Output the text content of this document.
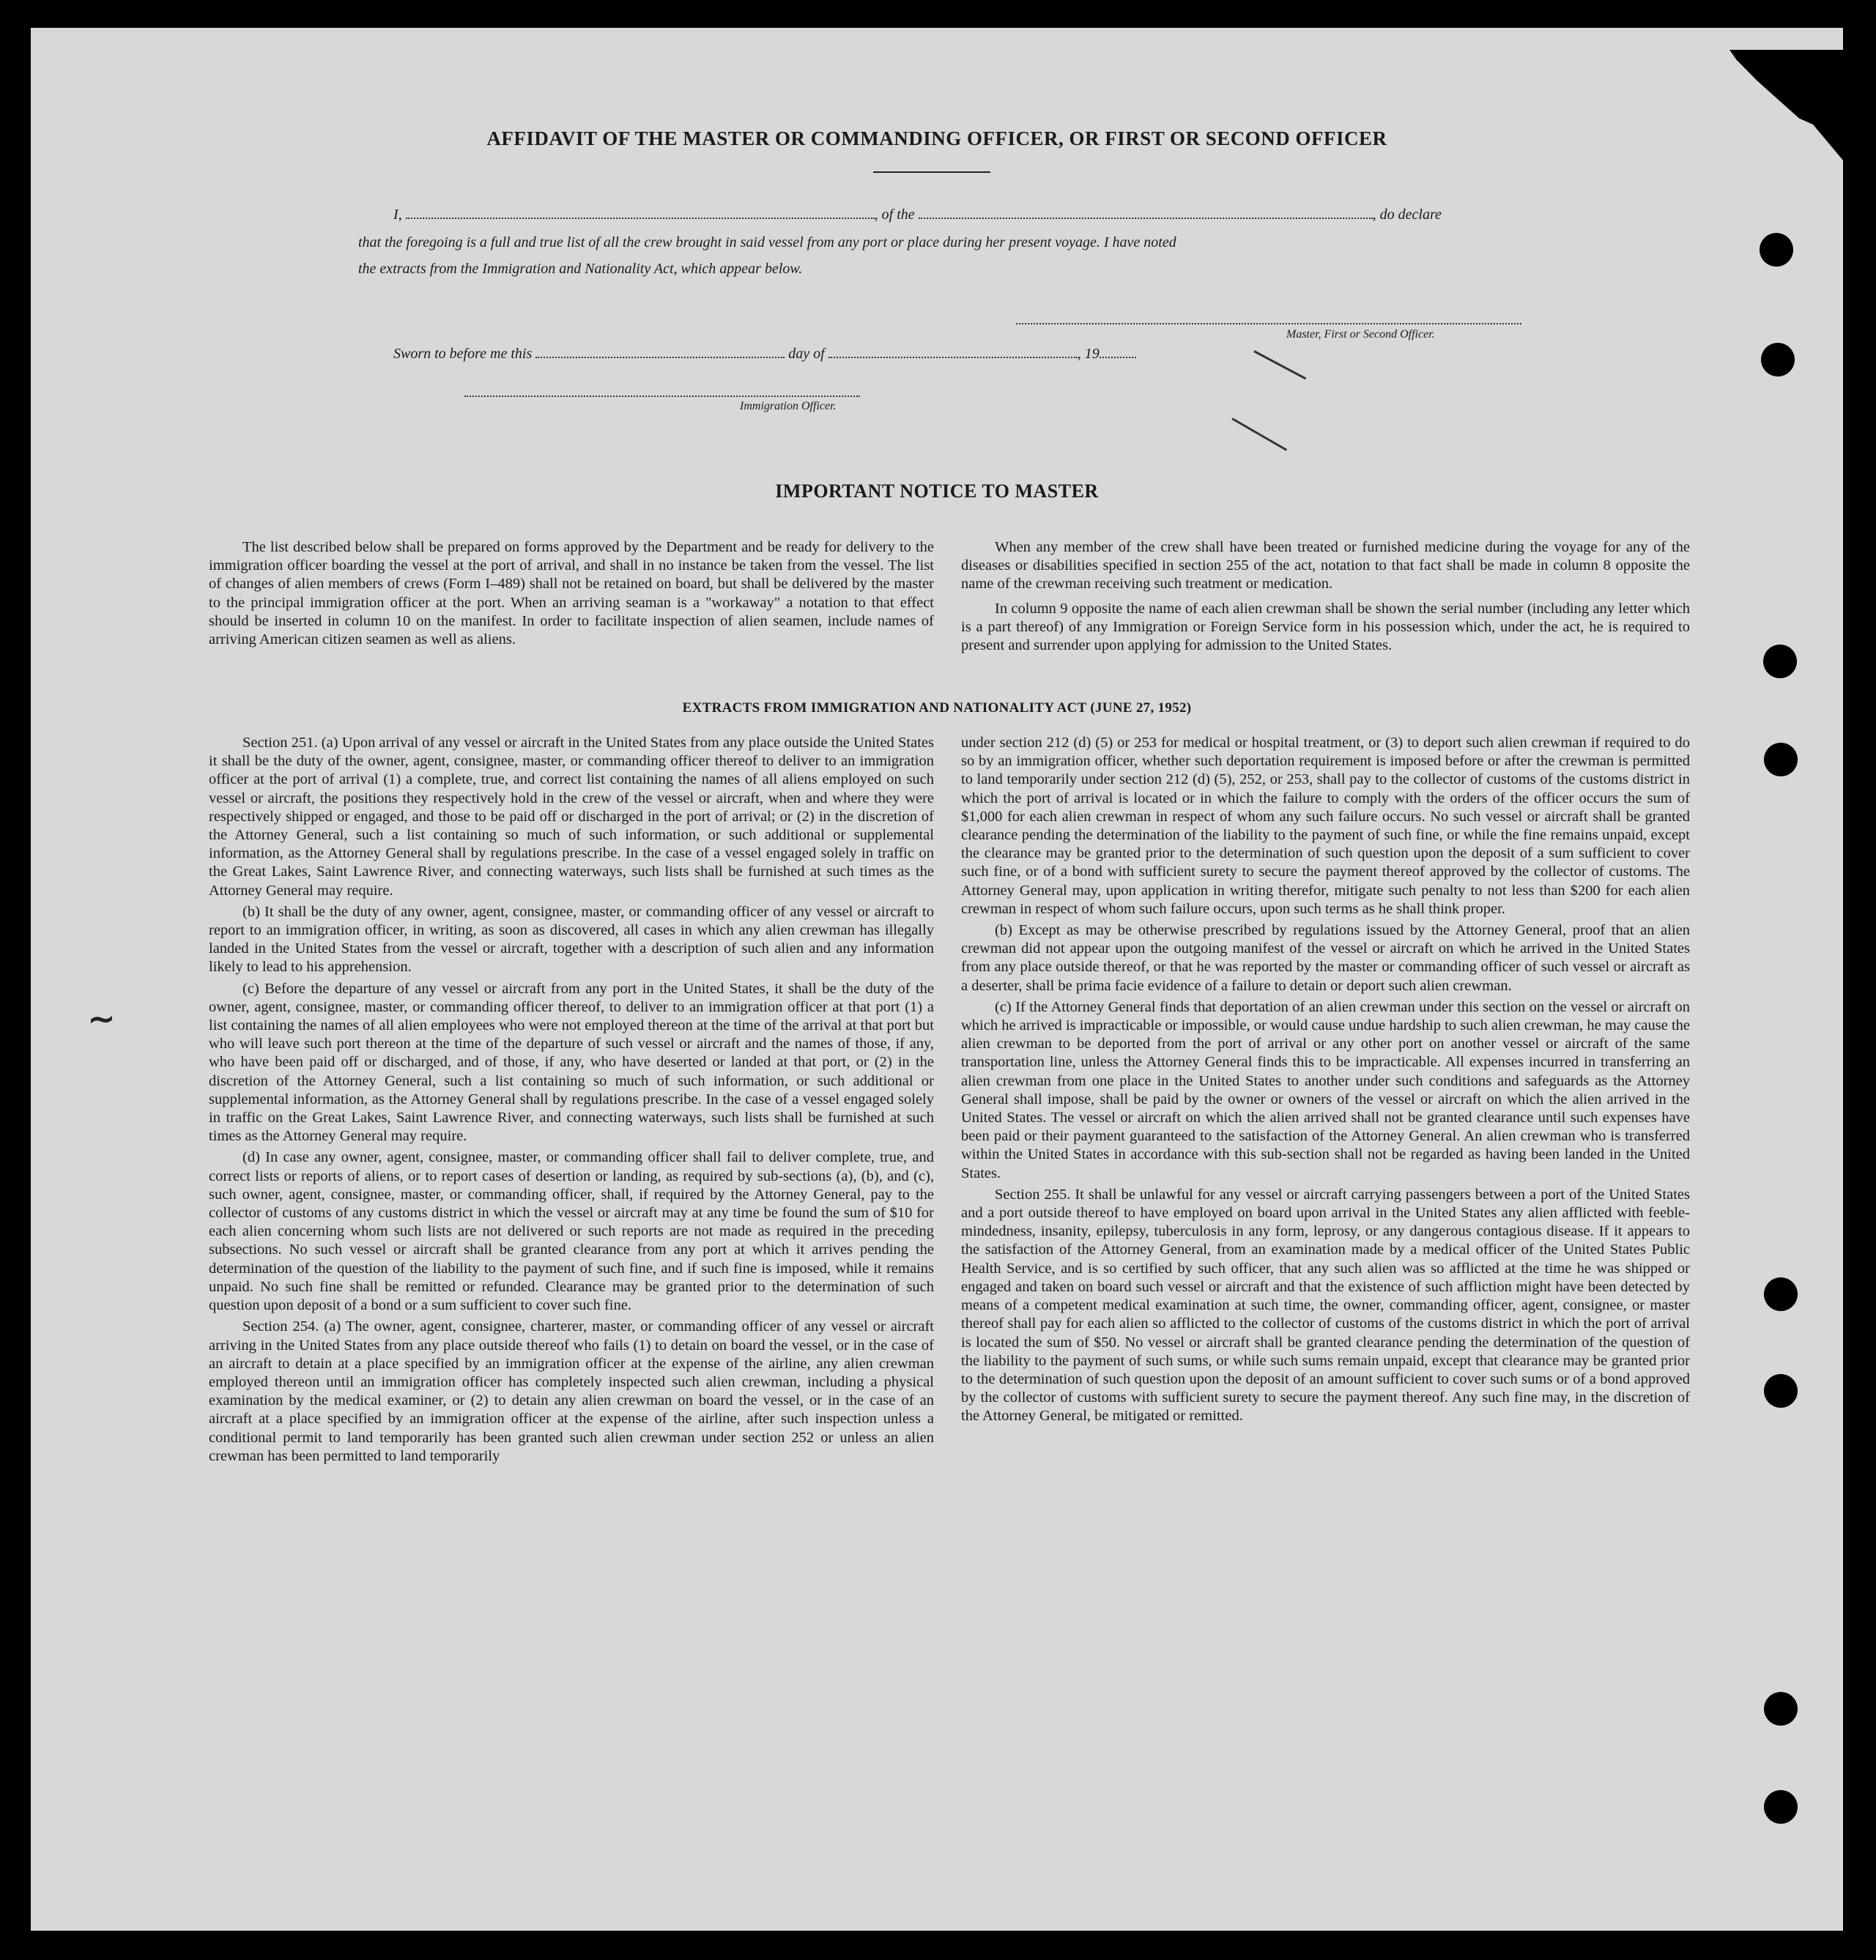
AFFIDAVIT OF THE MASTER OR COMMANDING OFFICER, OR FIRST OR SECOND OFFICER
I,	, of the	, do declare
that the foregoing is a full and true list of all the crew brought in said vessel from any port or place during her present voyage. I have noted
the extracts from the Immigration and Nationality Act, which appear below.
Master, First or Second Officer.
Sworn to before me this	day of	, 19
Immigration Officer.
IMPORTANT NOTICE TO MASTER

The list described below shall be prepared on forms approved by the Department and be ready for delivery to the immigration officer boarding the vessel at the port of arrival, and shall in no instance be taken from the vessel. The list of changes of alien members of crews (Form I–489) shall not be retained on board, but shall be delivered by the master to the principal immigration officer at the port. When an arriving seaman is a "workaway" a notation to that effect should be inserted in column 10 on the manifest. In order to facilitate inspection of alien seamen, include names of arriving American citizen seamen as well as aliens.

When any member of the crew shall have been treated or furnished medicine during the voyage for any of the diseases or disabilities specified in section 255 of the act, notation to that fact shall be made in column 8 opposite the name of the crewman receiving such treatment or medication.

In column 9 opposite the name of each alien crewman shall be shown the serial number (including any letter which is a part thereof) of any Immigration or Foreign Service form in his possession which, under the act, he is required to present and surrender upon applying for admission to the United States.

EXTRACTS FROM IMMIGRATION AND NATIONALITY ACT (JUNE 27, 1952)

Section 251. (a) Upon arrival of any vessel or aircraft in the United States from any place outside the United States it shall be the duty of the owner, agent, consignee, master, or commanding officer thereof to deliver to an immigration officer at the port of arrival (1) a complete, true, and correct list containing the names of all aliens employed on such vessel or aircraft, the positions they respectively hold in the crew of the vessel or aircraft, when and where they were respectively shipped or engaged, and those to be paid off or discharged in the port of arrival; or (2) in the discretion of the Attorney General, such a list containing so much of such information, or such additional or supplemental information, as the Attorney General shall by regulations prescribe. In the case of a vessel engaged solely in traffic on the Great Lakes, Saint Lawrence River, and connecting waterways, such lists shall be furnished at such times as the Attorney General may require.

(b) It shall be the duty of any owner, agent, consignee, master, or commanding officer of any vessel or aircraft to report to an immigration officer, in writing, as soon as discovered, all cases in which any alien crewman has illegally landed in the United States from the vessel or aircraft, together with a description of such alien and any information likely to lead to his apprehension.

(c) Before the departure of any vessel or aircraft from any port in the United States, it shall be the duty of the owner, agent, consignee, master, or commanding officer thereof, to deliver to an immigration officer at that port (1) a list containing the names of all alien employees who were not employed thereon at the time of the arrival at that port but who will leave such port thereon at the time of the departure of such vessel or aircraft and the names of those, if any, who have been paid off or discharged, and of those, if any, who have deserted or landed at that port, or (2) in the discretion of the Attorney General, such a list containing so much of such information, or such additional or supplemental information, as the Attorney General shall by regulations prescribe. In the case of a vessel engaged solely in traffic on the Great Lakes, Saint Lawrence River, and connecting waterways, such lists shall be furnished at such times as the Attorney General may require.

(d) In case any owner, agent, consignee, master, or commanding officer shall fail to deliver complete, true, and correct lists or reports of aliens, or to report cases of desertion or landing, as required by sub-sections (a), (b), and (c), such owner, agent, consignee, master, or commanding officer, shall, if required by the Attorney General, pay to the collector of customs of any customs district in which the vessel or aircraft may at any time be found the sum of $10 for each alien concerning whom such lists are not delivered or such reports are not made as required in the preceding subsections. No such vessel or aircraft shall be granted clearance from any port at which it arrives pending the determination of the question of the liability to the payment of such fine, and if such fine is imposed, while it remains unpaid. No such fine shall be remitted or refunded. Clearance may be granted prior to the determination of such question upon deposit of a bond or a sum sufficient to cover such fine.

Section 254. (a) The owner, agent, consignee, charterer, master, or commanding officer of any vessel or aircraft arriving in the United States from any place outside thereof who fails (1) to detain on board the vessel, or in the case of an aircraft to detain at a place specified by an immigration officer at the expense of the airline, any alien crewman employed thereon until an immigration officer has completely inspected such alien crewman, including a physical examination by the medical examiner, or (2) to detain any alien crewman on board the vessel, or in the case of an aircraft at a place specified by an immigration officer at the expense of the airline, after such inspection unless a conditional permit to land temporarily has been granted such alien crewman under section 252 or unless an alien crewman has been permitted to land temporarily

under section 212 (d) (5) or 253 for medical or hospital treatment, or (3) to deport such alien crewman if required to do so by an immigration officer, whether such deportation requirement is imposed before or after the crewman is permitted to land temporarily under section 212 (d) (5), 252, or 253, shall pay to the collector of customs of the customs district in which the port of arrival is located or in which the failure to comply with the orders of the officer occurs the sum of $1,000 for each alien crewman in respect of whom any such failure occurs. No such vessel or aircraft shall be granted clearance pending the determination of the liability to the payment of such fine, or while the fine remains unpaid, except the clearance may be granted prior to the determination of such question upon the deposit of a sum sufficient to cover such fine, or of a bond with sufficient surety to secure the payment thereof approved by the collector of customs. The Attorney General may, upon application in writing therefor, mitigate such penalty to not less than $200 for each alien crewman in respect of whom such failure occurs, upon such terms as he shall think proper.

(b) Except as may be otherwise prescribed by regulations issued by the Attorney General, proof that an alien crewman did not appear upon the outgoing manifest of the vessel or aircraft on which he arrived in the United States from any place outside thereof, or that he was reported by the master or commanding officer of such vessel or aircraft as a deserter, shall be prima facie evidence of a failure to detain or deport such alien crewman.

(c) If the Attorney General finds that deportation of an alien crewman under this section on the vessel or aircraft on which he arrived is impracticable or impossible, or would cause undue hardship to such alien crewman, he may cause the alien crewman to be deported from the port of arrival or any other port on another vessel or aircraft of the same transportation line, unless the Attorney General finds this to be impracticable. All expenses incurred in transferring an alien crewman from one place in the United States to another under such conditions and safeguards as the Attorney General shall impose, shall be paid by the owner or owners of the vessel or aircraft on which the alien arrived in the United States. The vessel or aircraft on which the alien arrived shall not be granted clearance until such expenses have been paid or their payment guaranteed to the satisfaction of the Attorney General. An alien crewman who is transferred within the United States in accordance with this sub-section shall not be regarded as having been landed in the United States.

Section 255. It shall be unlawful for any vessel or aircraft carrying passengers between a port of the United States and a port outside thereof to have employed on board upon arrival in the United States any alien afflicted with feeble-mindedness, insanity, epilepsy, tuberculosis in any form, leprosy, or any dangerous contagious disease. If it appears to the satisfaction of the Attorney General, from an examination made by a medical officer of the United States Public Health Service, and is so certified by such officer, that any such alien was so afflicted at the time he was shipped or engaged and taken on board such vessel or aircraft and that the existence of such affliction might have been detected by means of a competent medical examination at such time, the owner, commanding officer, agent, consignee, or master thereof shall pay for each alien so afflicted to the collector of customs of the customs district in which the port of arrival is located the sum of $50. No vessel or aircraft shall be granted clearance pending the determination of the question of the liability to the payment of such sums, or while such sums remain unpaid, except that clearance may be granted prior to the determination of such question upon the deposit of an amount sufficient to cover such sums or of a bond approved by the collector of customs with sufficient surety to secure the payment thereof. Any such fine may, in the discretion of the Attorney General, be mitigated or remitted.

∼
